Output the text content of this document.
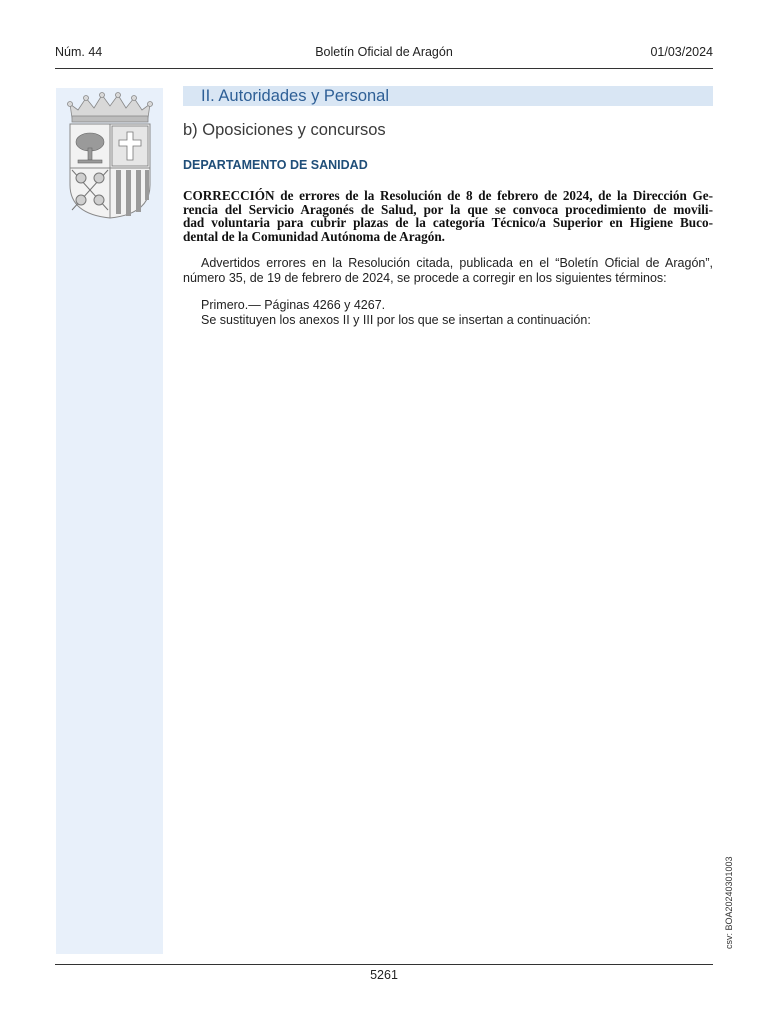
Núm. 44	Boletín Oficial de Aragón	01/03/2024
II. Autoridades y Personal
b) Oposiciones y concursos
DEPARTAMENTO DE SANIDAD
CORRECCIÓN de errores de la Resolución de 8 de febrero de 2024, de la Dirección Ge-
rencia del Servicio Aragonés de Salud, por la que se convoca procedimiento de movili-
dad voluntaria para cubrir plazas de la categoría Técnico/a Superior en Higiene Buco-
dental de la Comunidad Autónoma de Aragón.
Advertidos errores en la Resolución citada, publicada en el “Boletín Oficial de Aragón”,
número 35, de 19 de febrero de 2024, se procede a corregir en los siguientes términos:
Primero.— Páginas 4266 y 4267.
Se sustituyen los anexos II y III por los que se insertan a continuación:
csv: BOA20240301003
5261
